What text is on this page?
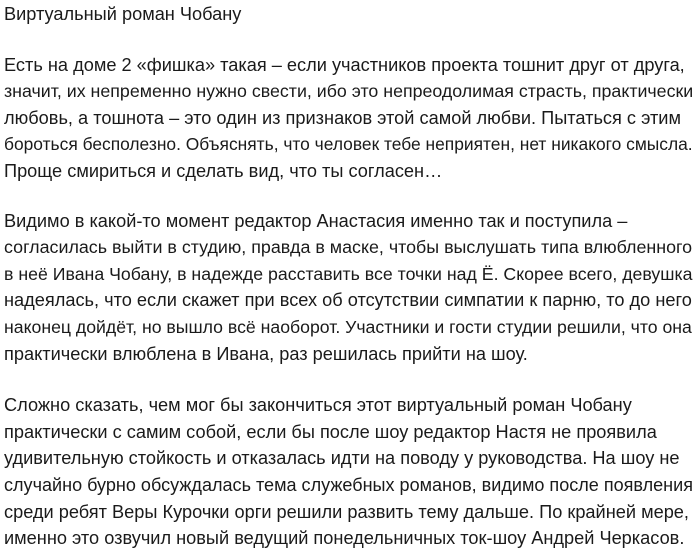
Виртуальный роман Чобану

Есть на доме 2 «фишка» такая – если участников проекта тошнит друг от друга,
значит, их непременно нужно свести, ибо это непреодолимая страсть, практически
любовь, а тошнота – это один из признаков этой самой любви. Пытаться с этим
бороться бесполезно. Объяснять, что человек тебе неприятен, нет никакого смысла.
Проще смириться и сделать вид, что ты согласен…

Видимо в какой-то момент редактор Анастасия именно так и поступила –
согласилась выйти в студию, правда в маске, чтобы выслушать типа влюбленного
в неё Ивана Чобану, в надежде расставить все точки над Ё. Скорее всего, девушка
надеялась, что если скажет при всех об отсутствии симпатии к парню, то до него
наконец дойдёт, но вышло всё наоборот. Участники и гости студии решили, что она
практически влюблена в Ивана, раз решилась прийти на шоу.

Сложно сказать, чем мог бы закончиться этот виртуальный роман Чобану
практически с самим собой, если бы после шоу редактор Настя не проявила
удивительную стойкость и отказалась идти на поводу у руководства. На шоу не
случайно бурно обсуждалась тема служебных романов, видимо после появления
среди ребят Веры Курочки орги решили развить тему дальше. По крайней мере,
именно это озвучил новый ведущий понедельничных ток-шоу Андрей Черкасов.
